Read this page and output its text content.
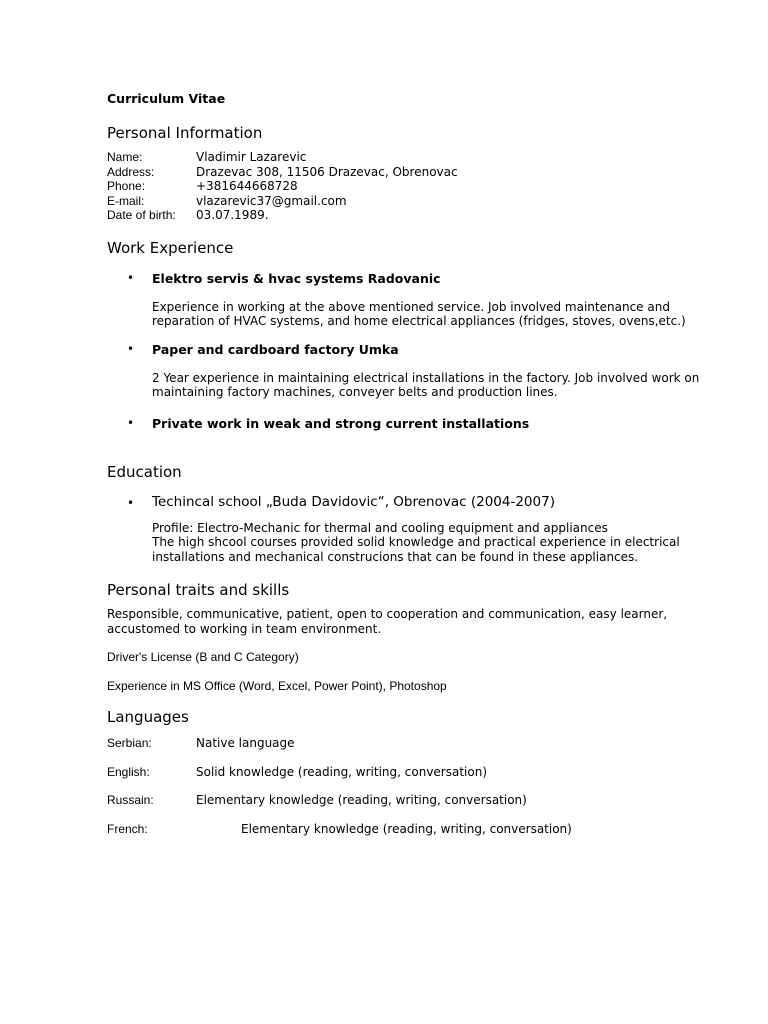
Curriculum Vitae
Personal Information
Name:	Vladimir Lazarevic
Address:	Drazevac 308, 11506 Drazevac, Obrenovac
Phone:	+381644668728
E-mail:	vlazarevic37@gmail.com
Date of birth:	03.07.1989.
Work Experience
• Elektro servis & hvac systems Radovanic
Experience in working at the above mentioned service. Job involved maintenance and
reparation of HVAC systems, and home electrical appliances (fridges, stoves, ovens,etc.)
• Paper and cardboard factory Umka
2 Year experience in maintaining electrical installations in the factory. Job involved work on
maintaining factory machines, conveyer belts and production lines.
• Private work in weak and strong current installations
Education
• Techincal school „Buda Davidovic“, Obrenovac (2004-2007)
Profile: Electro-Mechanic for thermal and cooling equipment and appliances
The high shcool courses provided solid knowledge and practical experience in electrical
installations and mechanical construcions that can be found in these appliances.
Personal traits and skills
Responsible, communicative, patient, open to cooperation and communication, easy learner,
accustomed to working in team environment.
Driver's License (B and C Category)
Experience in MS Office (Word, Excel, Power Point), Photoshop
Languages
Serbian:	Native language
English:	Solid knowledge (reading, writing, conversation)
Russain:	Elementary knowledge (reading, writing, conversation)
French:	Elementary knowledge (reading, writing, conversation)
